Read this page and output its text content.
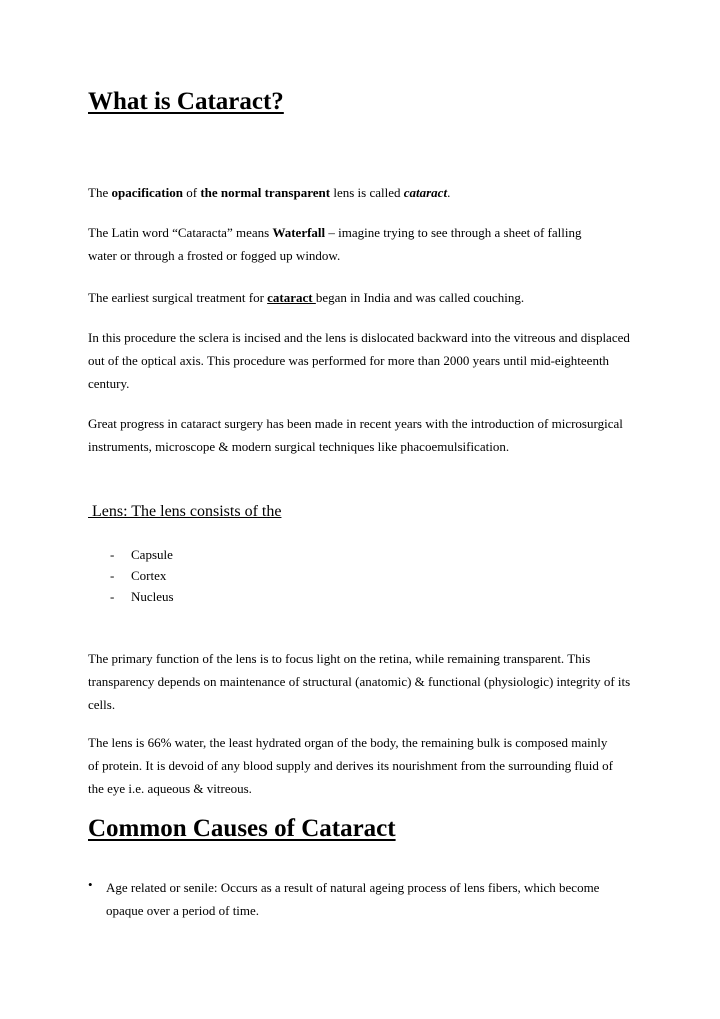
What is Cataract?

The opacification of the normal transparent lens is called cataract.

The Latin word “Cataracta” means Waterfall – imagine trying to see through a sheet of falling water or through a frosted or fogged up window.

The earliest surgical treatment for cataract began in India and was called couching.

In this procedure the sclera is incised and the lens is dislocated backward into the vitreous and displaced out of the optical axis. This procedure was performed for more than 2000 years until mid-eighteenth century.

Great progress in cataract surgery has been made in recent years with the introduction of microsurgical instruments, microscope & modern surgical techniques like phacoemulsification.

Lens: The lens consists of the

- Capsule
- Cortex
- Nucleus

The primary function of the lens is to focus light on the retina, while remaining transparent. This transparency depends on maintenance of structural (anatomic) & functional (physiologic) integrity of its cells.

The lens is 66% water, the least hydrated organ of the body, the remaining bulk is composed mainly of protein. It is devoid of any blood supply and derives its nourishment from the surrounding fluid of the eye i.e. aqueous & vitreous.

Common Causes of Cataract
• Age related or senile: Occurs as a result of natural ageing process of lens fibers, which become opaque over a period of time.
